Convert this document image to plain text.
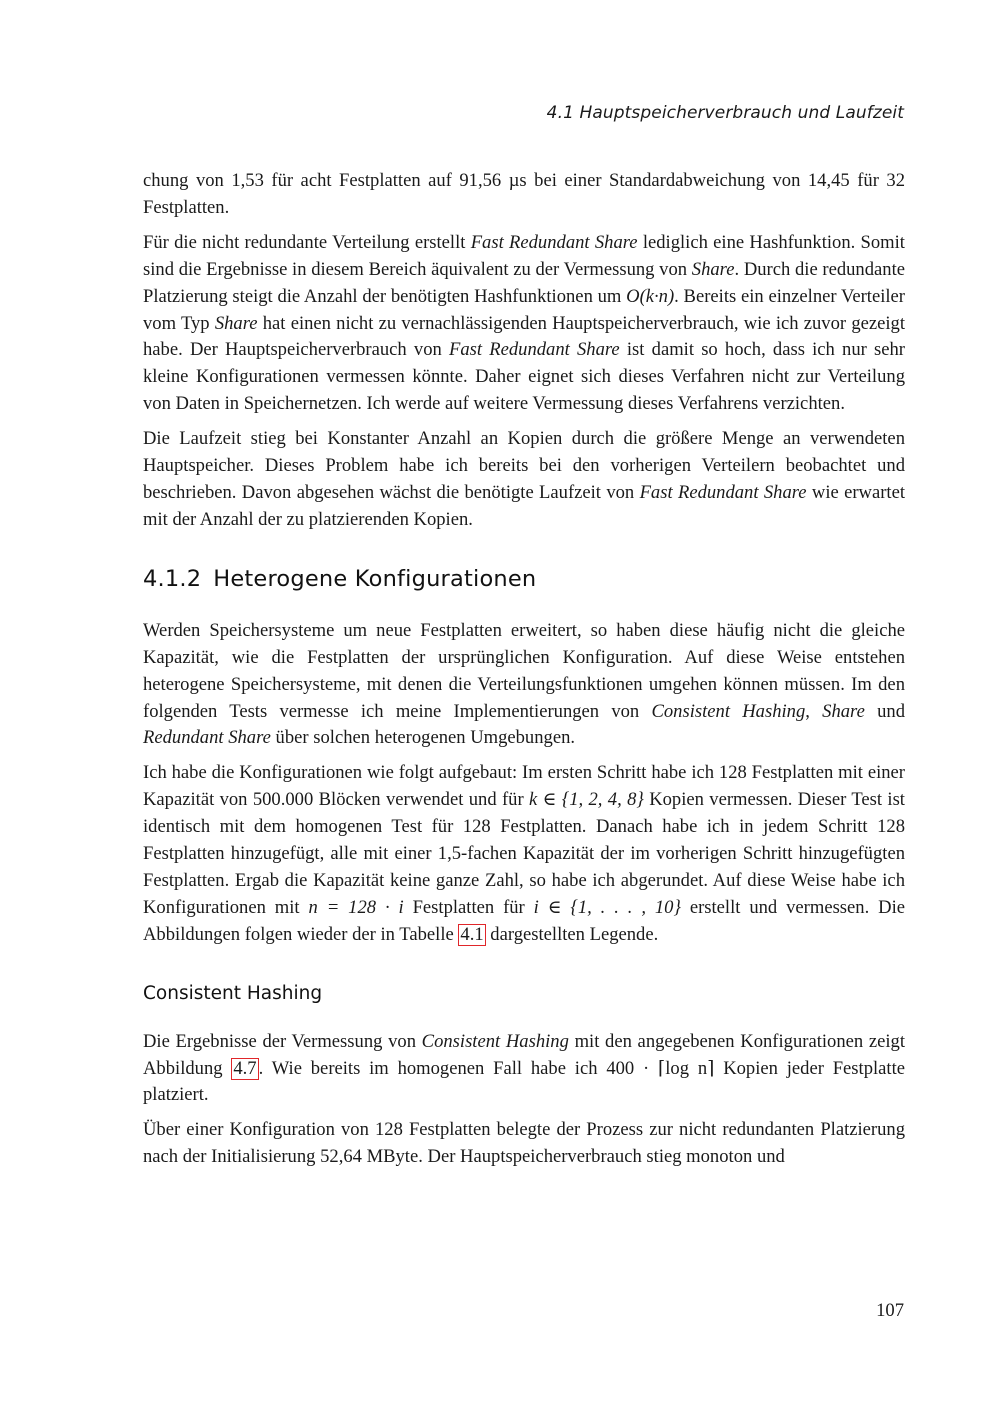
4.1 Hauptspeicherverbrauch und Laufzeit

chung von 1,53 für acht Festplatten auf 91,56 µs bei einer Standardabweichung von 14,45 für 32 Festplatten.

Für die nicht redundante Verteilung erstellt Fast Redundant Share lediglich eine Hashfunktion. Somit sind die Ergebnisse in diesem Bereich äquivalent zu der Vermessung von Share. Durch die redundante Platzierung steigt die Anzahl der benötigten Hashfunktionen um O(k·n). Bereits ein einzelner Verteiler vom Typ Share hat einen nicht zu vernachlässigenden Hauptspeicherverbrauch, wie ich zuvor gezeigt habe. Der Hauptspeicherverbrauch von Fast Redundant Share ist damit so hoch, dass ich nur sehr kleine Konfigurationen vermessen könnte. Daher eignet sich dieses Verfahren nicht zur Verteilung von Daten in Speichernetzen. Ich werde auf weitere Vermessung dieses Verfahrens verzichten.

Die Laufzeit stieg bei Konstanter Anzahl an Kopien durch die größere Menge an verwendeten Hauptspeicher. Dieses Problem habe ich bereits bei den vorherigen Verteilern beobachtet und beschrieben. Davon abgesehen wächst die benötigte Laufzeit von Fast Redundant Share wie erwartet mit der Anzahl der zu platzierenden Kopien.

4.1.2 Heterogene Konfigurationen

Werden Speichersysteme um neue Festplatten erweitert, so haben diese häufig nicht die gleiche Kapazität, wie die Festplatten der ursprünglichen Konfiguration. Auf diese Weise entstehen heterogene Speichersysteme, mit denen die Verteilungsfunktionen umgehen können müssen. Im den folgenden Tests vermesse ich meine Implementierungen von Consistent Hashing, Share und Redundant Share über solchen heterogenen Umgebungen.

Ich habe die Konfigurationen wie folgt aufgebaut: Im ersten Schritt habe ich 128 Festplatten mit einer Kapazität von 500.000 Blöcken verwendet und für k ∈ {1, 2, 4, 8} Kopien vermessen. Dieser Test ist identisch mit dem homogenen Test für 128 Festplatten. Danach habe ich in jedem Schritt 128 Festplatten hinzugefügt, alle mit einer 1,5-fachen Kapazität der im vorherigen Schritt hinzugefügten Festplatten. Ergab die Kapazität keine ganze Zahl, so habe ich abgerundet. Auf diese Weise habe ich Konfigurationen mit n = 128 · i Festplatten für i ∈ {1, . . . , 10} erstellt und vermessen. Die Abbildungen folgen wieder der in Tabelle 4.1 dargestellten Legende.

Consistent Hashing

Die Ergebnisse der Vermessung von Consistent Hashing mit den angegebenen Konfigurationen zeigt Abbildung 4.7 . Wie bereits im homogenen Fall habe ich 400 · ⌈log n⌉ Kopien jeder Festplatte platziert.

Über einer Konfiguration von 128 Festplatten belegte der Prozess zur nicht redundanten Platzierung nach der Initialisierung 52,64 MByte. Der Hauptspeicherverbrauch stieg monoton und

107
